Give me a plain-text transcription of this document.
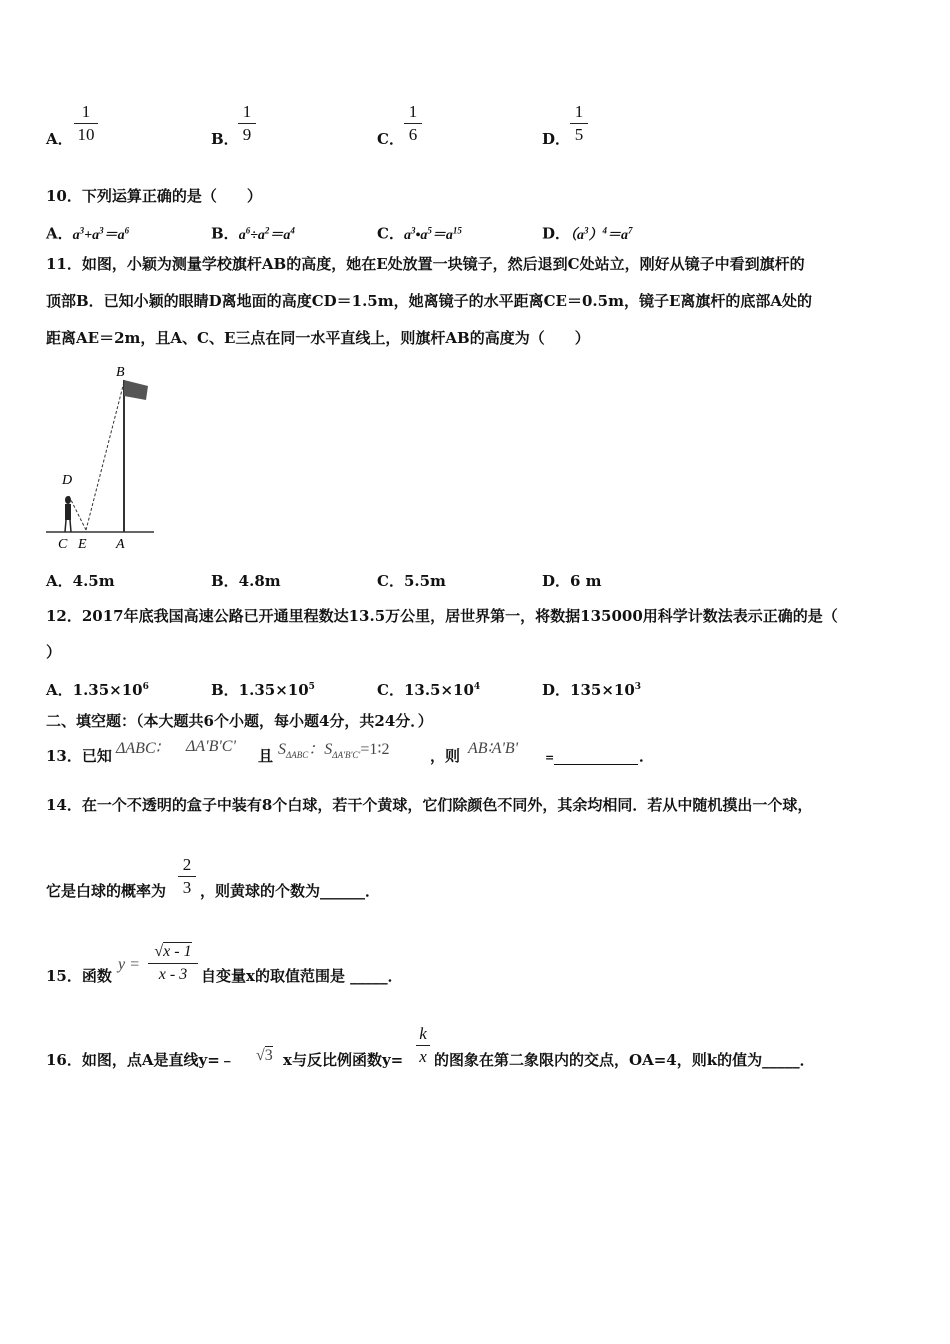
A．
1
10	B．
1
9	C．
1
6	D．
1
5
10．下列运算正确的是（　　）
A．$a^3+a^3=a^6$	B．$a^6\div a^2=a^4$	C．$a^3•a^5=a^{15}$	D．$(a^3)^4=a^7$
11．如图，小颖为测量学校旗杆AB的高度，她在E处放置一块镜子，然后退到C处站立，刚好从镜子中看到旗杆的
顶部B．已知小颖的眼睛D离地面的高度CD＝1.5m，她离镜子的水平距离CE＝0.5m，镜子E离旗杆的底部A处的
距离AE＝2m，且A、C、E三点在同一水平直线上，则旗杆AB的高度为（　　）
B
D
C E A
A．4.5m	B．4.8m	C．5.5m	D．6 m
12．2017年底我国高速公路已开通里程数达13.5万公里，居世界第一，将数据135000用科学计数法表示正确的是（
）
A．$1.35\times 10^6$	B．$1.35\times 10^5$	C．$13.5\times 10^4$	D．$135\times 10^3$
二、填空题：（本大题共6个小题，每小题4分，共24分．）
13．已知 ΔABC∶ ΔA'B'C'
且 $S_{\Delta ABC}$：$S_{\Delta A'B'C'}=1∶2$	，则 AB∶A'B'
=	．
14．在一个不透明的盒子中装有8个白球，若干个黄球，它们除颜色不同外，其余均相同．若从中随机摸出一个球，
它是白球的概率为
2
3 ，则黄球的个数为______．
15．函数
y =
√x - 1
x - 3 自变量x的取值范围是 _____．
16．如图，点A是直线y=﹣ √3 x与反比例函数y=
k
x 的图象在第二象限内的交点，OA=4，则k的值为_____．
